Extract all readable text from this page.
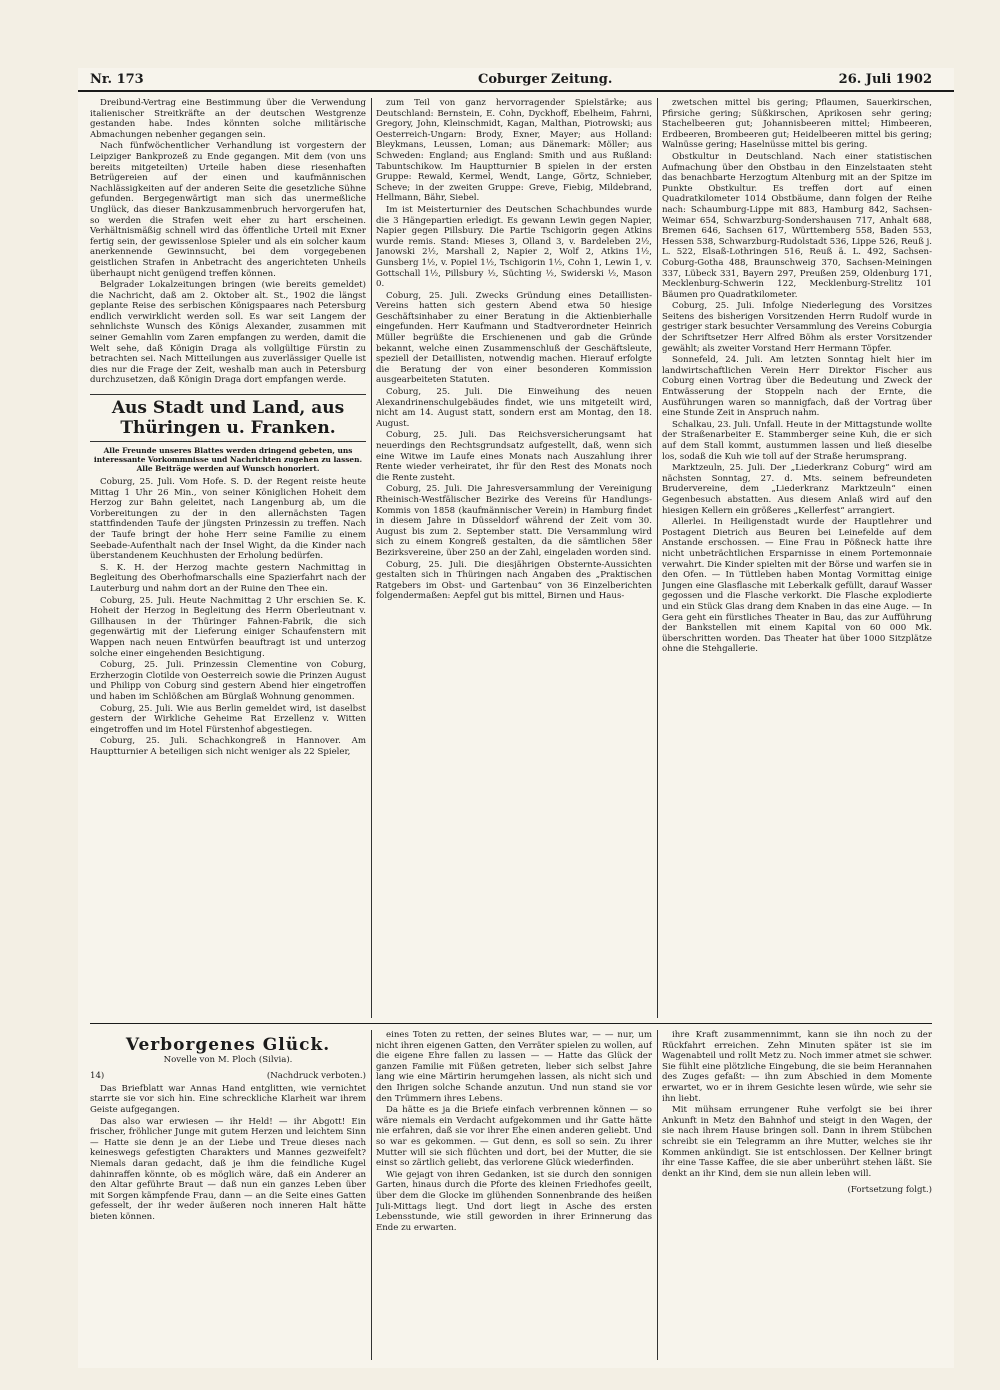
Nr. 173	Coburger Zeitung.	26. Juli 1902

Dreibund-Vertrag eine Bestimmung über die Verwendung italienischer Streitkräfte an der deutschen Westgrenze gestanden habe. Indes könnten solche militärische Abmachungen nebenher gegangen sein.

Nach fünfwöchentlicher Verhandlung ist vorgestern der Leipziger Bankprozeß zu Ende gegangen. Mit dem (von uns bereits mitgeteilten) Urteile haben diese riesenhaften Betrügereien auf der einen und kaufmännischen Nachlässigkeiten auf der anderen Seite die gesetzliche Sühne gefunden. Bergegenwärtigt man sich das unermeßliche Unglück, das dieser Bankzusammenbruch hervorgerufen hat, so werden die Strafen weit eher zu hart erscheinen. Verhältnismäßig schnell wird das öffentliche Urteil mit Exner fertig sein, der gewissenlose Spieler und als ein solcher kaum anerkennende Gewinnsucht, bei dem vorgegebenen geistlichen Strafen in Anbetracht des angerichteten Unheils überhaupt nicht genügend treffen können.

Belgrader Lokalzeitungen bringen (wie bereits gemeldet) die Nachricht, daß am 2. Oktober alt. St., 1902 die längst geplante Reise des serbischen Königspaares nach Petersburg endlich verwirklicht werden soll. Es war seit Langem der sehnlichste Wunsch des Königs Alexander, zusammen mit seiner Gemahlin vom Zaren empfangen zu werden, damit die Welt sehe, daß Königin Draga als vollgültige Fürstin zu betrachten sei. Nach Mitteilungen aus zuverlässiger Quelle ist dies nur die Frage der Zeit, weshalb man auch in Petersburg durchzusetzen, daß Königin Draga dort empfangen werde.

Aus Stadt und Land, aus Thüringen u. Franken.
Alle Freunde unseres Blattes werden dringend gebeten, uns interessante Vorkommnisse und Nachrichten zugehen zu lassen. Alle Beiträge werden auf Wunsch honoriert.

Coburg, 25. Juli. Vom Hofe. S. D. der Regent reiste heute Mittag 1 Uhr 26 Min., von seiner Königlichen Hoheit dem Herzog zur Bahn geleitet, nach Langenburg ab, um die Vorbereitungen zu der in den allernächsten Tagen stattfindenden Taufe der jüngsten Prinzessin zu treffen. Nach der Taufe bringt der hohe Herr seine Familie zu einem Seebade-Aufenthalt nach der Insel Wight, da die Kinder nach überstandenem Keuchhusten der Erholung bedürfen.

S. K. H. der Herzog machte gestern Nachmittag in Begleitung des Oberhofmarschalls eine Spazierfahrt nach der Lauterburg und nahm dort an der Ruine den Thee ein.

Coburg, 25. Juli. Heute Nachmittag 2 Uhr erschien Se. K. Hoheit der Herzog in Begleitung des Herrn Oberleutnant v. Gillhausen in der Thüringer Fahnen-Fabrik, die sich gegenwärtig mit der Lieferung einiger Schaufenstern mit Wappen nach neuen Entwürfen beauftragt ist und unterzog solche einer eingehenden Besichtigung.

Coburg, 25. Juli. Prinzessin Clementine von Coburg, Erzherzogin Clotilde von Oesterreich sowie die Prinzen August und Philipp von Coburg sind gestern Abend hier eingetroffen und haben im Schlößchen am Bürglaß Wohnung genommen.

Coburg, 25. Juli. Wie aus Berlin gemeldet wird, ist daselbst gestern der Wirkliche Geheime Rat Erzellenz v. Witten eingetroffen und im Hotel Fürstenhof abgestiegen.

Coburg, 25. Juli. Schachkongreß in Hannover. Am Hauptturnier A beteiligen sich nicht weniger als 22 Spieler,

zum Teil von ganz hervorragender Spielstärke; aus Deutschland: Bernstein, E. Cohn, Dyckhoff, Ebelheim, Fahrni, Gregory, John, Kleinschmidt, Kagan, Malthan, Piotrowski; aus Oesterreich-Ungarn: Brody, Exner, Mayer; aus Holland: Bleykmans, Leussen, Loman; aus Dänemark: Möller; aus Schweden: England; aus England: Smith und aus Rußland: Tabuntschikow. Im Hauptturnier B spielen in der ersten Gruppe: Rewald, Kermel, Wendt, Lange, Görtz, Schnieber, Scheve; in der zweiten Gruppe: Greve, Fiebig, Mildebrand, Hellmann, Bähr, Siebel.

Im ist Meisterturnier des Deutschen Schachbundes wurde die 3 Hängepartien erledigt. Es gewann Lewin gegen Napier, Napier gegen Pillsbury. Die Partie Tschigorin gegen Atkins wurde remis. Stand: Mieses 3, Olland 3, v. Bardeleben 2½, Janowski 2½, Marshall 2, Napier 2, Wolf 2, Atkins 1½, Gunsberg 1½, v. Popiel 1½, Tschigorin 1½, Cohn 1, Lewin 1, v. Gottschall 1½, Pillsbury ½, Süchting ½, Swiderski ½, Mason 0.

Coburg, 25. Juli. Zwecks Gründung eines Detaillisten-Vereins hatten sich gestern Abend etwa 50 hiesige Geschäftsinhaber zu einer Beratung in die Aktienbierhalle eingefunden. Herr Kaufmann und Stadtverordneter Heinrich Müller begrüßte die Erschienenen und gab die Gründe bekannt, welche einen Zusammenschluß der Geschäftsleute, speziell der Detaillisten, notwendig machen. Hierauf erfolgte die Beratung der von einer besonderen Kommission ausgearbeiteten Statuten.

Coburg, 25. Juli. Die Einweihung des neuen Alexandrinenschulgebäudes findet, wie uns mitgeteilt wird, nicht am 14. August statt, sondern erst am Montag, den 18. August.

Coburg, 25. Juli. Das Reichsversicherungsamt hat neuerdings den Rechtsgrundsatz aufgestellt, daß, wenn sich eine Witwe im Laufe eines Monats nach Auszahlung ihrer Rente wieder verheiratet, ihr für den Rest des Monats noch die Rente zusteht.

Coburg, 25. Juli. Die Jahresversammlung der Vereinigung Rheinisch-Westfälischer Bezirke des Vereins für Handlungs-Kommis von 1858 (kaufmännischer Verein) in Hamburg findet in diesem Jahre in Düsseldorf während der Zeit vom 30. August bis zum 2. September statt. Die Versammlung wird sich zu einem Kongreß gestalten, da die sämtlichen 58er Bezirksvereine, über 250 an der Zahl, eingeladen worden sind.

Coburg, 25. Juli. Die diesjährigen Obsternte-Aussichten gestalten sich in Thüringen nach Angaben des „Praktischen Ratgebers im Obst- und Gartenbau“ von 36 Einzelberichten folgendermaßen: Aepfel gut bis mittel, Birnen und Haus-

zwetschen mittel bis gering; Pflaumen, Sauerkirschen, Pfirsiche gering; Süßkirschen, Aprikosen sehr gering; Stachelbeeren gut; Johannisbeeren mittel; Himbeeren, Erdbeeren, Brombeeren gut; Heidelbeeren mittel bis gering; Walnüsse gering; Haselnüsse mittel bis gering.

Obstkultur in Deutschland. Nach einer statistischen Aufmachung über den Obstbau in den Einzelstaaten steht das benachbarte Herzogtum Altenburg mit an der Spitze im Punkte Obstkultur. Es treffen dort auf einen Quadratkilometer 1014 Obstbäume, dann folgen der Reihe nach: Schaumburg-Lippe mit 883, Hamburg 842, Sachsen-Weimar 654, Schwarzburg-Sondershausen 717, Anhalt 688, Bremen 646, Sachsen 617, Württemberg 558, Baden 553, Hessen 538, Schwarzburg-Rudolstadt 536, Lippe 526, Reuß j. L. 522, Elsaß-Lothringen 516, Reuß ä. L. 492, Sachsen-Coburg-Gotha 488, Braunschweig 370, Sachsen-Meiningen 337, Lübeck 331, Bayern 297, Preußen 259, Oldenburg 171, Mecklenburg-Schwerin 122, Mecklenburg-Strelitz 101 Bäumen pro Quadratkilometer.

Coburg, 25. Juli. Infolge Niederlegung des Vorsitzes Seitens des bisherigen Vorsitzenden Herrn Rudolf wurde in gestriger stark besuchter Versammlung des Vereins Coburgia der Schriftsetzer Herr Alfred Böhm als erster Vorsitzender gewählt; als zweiter Vorstand Herr Hermann Töpfer.

Sonnefeld, 24. Juli. Am letzten Sonntag hielt hier im landwirtschaftlichen Verein Herr Direktor Fischer aus Coburg einen Vortrag über die Bedeutung und Zweck der Entwässerung der Stoppeln nach der Ernte, die Ausführungen waren so mannigfach, daß der Vortrag über eine Stunde Zeit in Anspruch nahm.

Schalkau, 23. Juli. Unfall. Heute in der Mittagstunde wollte der Straßenarbeiter E. Stammberger seine Kuh, die er sich auf dem Stall kommt, austummen lassen und ließ dieselbe los, sodaß die Kuh wie toll auf der Straße herumsprang.

Marktzeuln, 25. Juli. Der „Liederkranz Coburg“ wird am nächsten Sonntag, 27. d. Mts. seinem befreundeten Brudervereine, dem „Liederkranz Marktzeuln“ einen Gegenbesuch abstatten. Aus diesem Anlaß wird auf den hiesigen Kellern ein größeres „Kellerfest“ arrangiert.

Allerlei. In Heiligenstadt wurde der Hauptlehrer und Postagent Dietrich aus Beuren bei Leinefelde auf dem Anstande erschossen. — Eine Frau in Pößneck hatte ihre nicht unbeträchtlichen Ersparnisse in einem Portemonnaie verwahrt. Die Kinder spielten mit der Börse und warfen sie in den Ofen. — In Tüttleben haben Montag Vormittag einige Jungen eine Glasflasche mit Leberkalk gefüllt, darauf Wasser gegossen und die Flasche verkorkt. Die Flasche explodierte und ein Stück Glas drang dem Knaben in das eine Auge. — In Gera geht ein fürstliches Theater in Bau, das zur Aufführung der Bankstellen mit einem Kapital von 60 000 Mk. überschritten worden. Das Theater hat über 1000 Sitzplätze ohne die Stehgallerie.

Verborgenes Glück.
Novelle von M. Ploch (Silvia).
14)	(Nachdruck verboten.)

Das Briefblatt war Annas Hand entglitten, wie vernichtet starrte sie vor sich hin. Eine schreckliche Klarheit war ihrem Geiste aufgegangen.

Das also war erwiesen — ihr Held! — ihr Abgott! Ein frischer, fröhlicher Junge mit gutem Herzen und leichtem Sinn — Hatte sie denn je an der Liebe und Treue dieses nach keineswegs gefestigten Charakters und Mannes gezweifelt? Niemals daran gedacht, daß je ihm die feindliche Kugel dahinraffen könnte, ob es möglich wäre, daß ein Anderer an den Altar geführte Braut — daß nun ein ganzes Leben über mit Sorgen kämpfende Frau, dann — an die Seite eines Gatten gefesselt, der ihr weder äußeren noch inneren Halt hätte bieten können.

eines Toten zu retten, der seines Blutes war, — — nur, um nicht ihren eigenen Gatten, den Verräter spielen zu wollen, auf die eigene Ehre fallen zu lassen — — Hatte das Glück der ganzen Familie mit Füßen getreten, lieber sich selbst Jahre lang wie eine Märtirin herumgehen lassen, als nicht sich und den Ihrigen solche Schande anzutun. Und nun stand sie vor den Trümmern ihres Lebens.

Da hätte es ja die Briefe einfach verbrennen können — so wäre niemals ein Verdacht aufgekommen und ihr Gatte hätte nie erfahren, daß sie vor ihrer Ehe einen anderen geliebt. Und so war es gekommen. — Gut denn, es soll so sein. Zu ihrer Mutter will sie sich flüchten und dort, bei der Mutter, die sie einst so zärtlich geliebt, das verlorene Glück wiederfinden.

Wie gejagt von ihren Gedanken, ist sie durch den sonnigen Garten, hinaus durch die Pforte des kleinen Friedhofes geeilt, über dem die Glocke im glühenden Sonnenbrande des heißen Juli-Mittags liegt. Und dort liegt in Asche des ersten Lebensstunde, wie still geworden in ihrer Erinnerung das Ende zu erwarten.

ihre Kraft zusammennimmt, kann sie ihn noch zu der Rückfahrt erreichen. Zehn Minuten später ist sie im Wagenabteil und rollt Metz zu. Noch immer atmet sie schwer. Sie fühlt eine plötzliche Eingebung, die sie beim Herannahen des Zuges gefaßt: — ihn zum Abschied in dem Momente erwartet, wo er in ihrem Gesichte lesen würde, wie sehr sie ihn liebt.

Mit mühsam errungener Ruhe verfolgt sie bei ihrer Ankunft in Metz den Bahnhof und steigt in den Wagen, der sie nach ihrem Hause bringen soll. Dann in ihrem Stübchen schreibt sie ein Telegramm an ihre Mutter, welches sie ihr Kommen ankündigt. Sie ist entschlossen. Der Kellner bringt ihr eine Tasse Kaffee, die sie aber unberührt stehen läßt. Sie denkt an ihr Kind, dem sie nun allein leben will.

(Fortsetzung folgt.)
